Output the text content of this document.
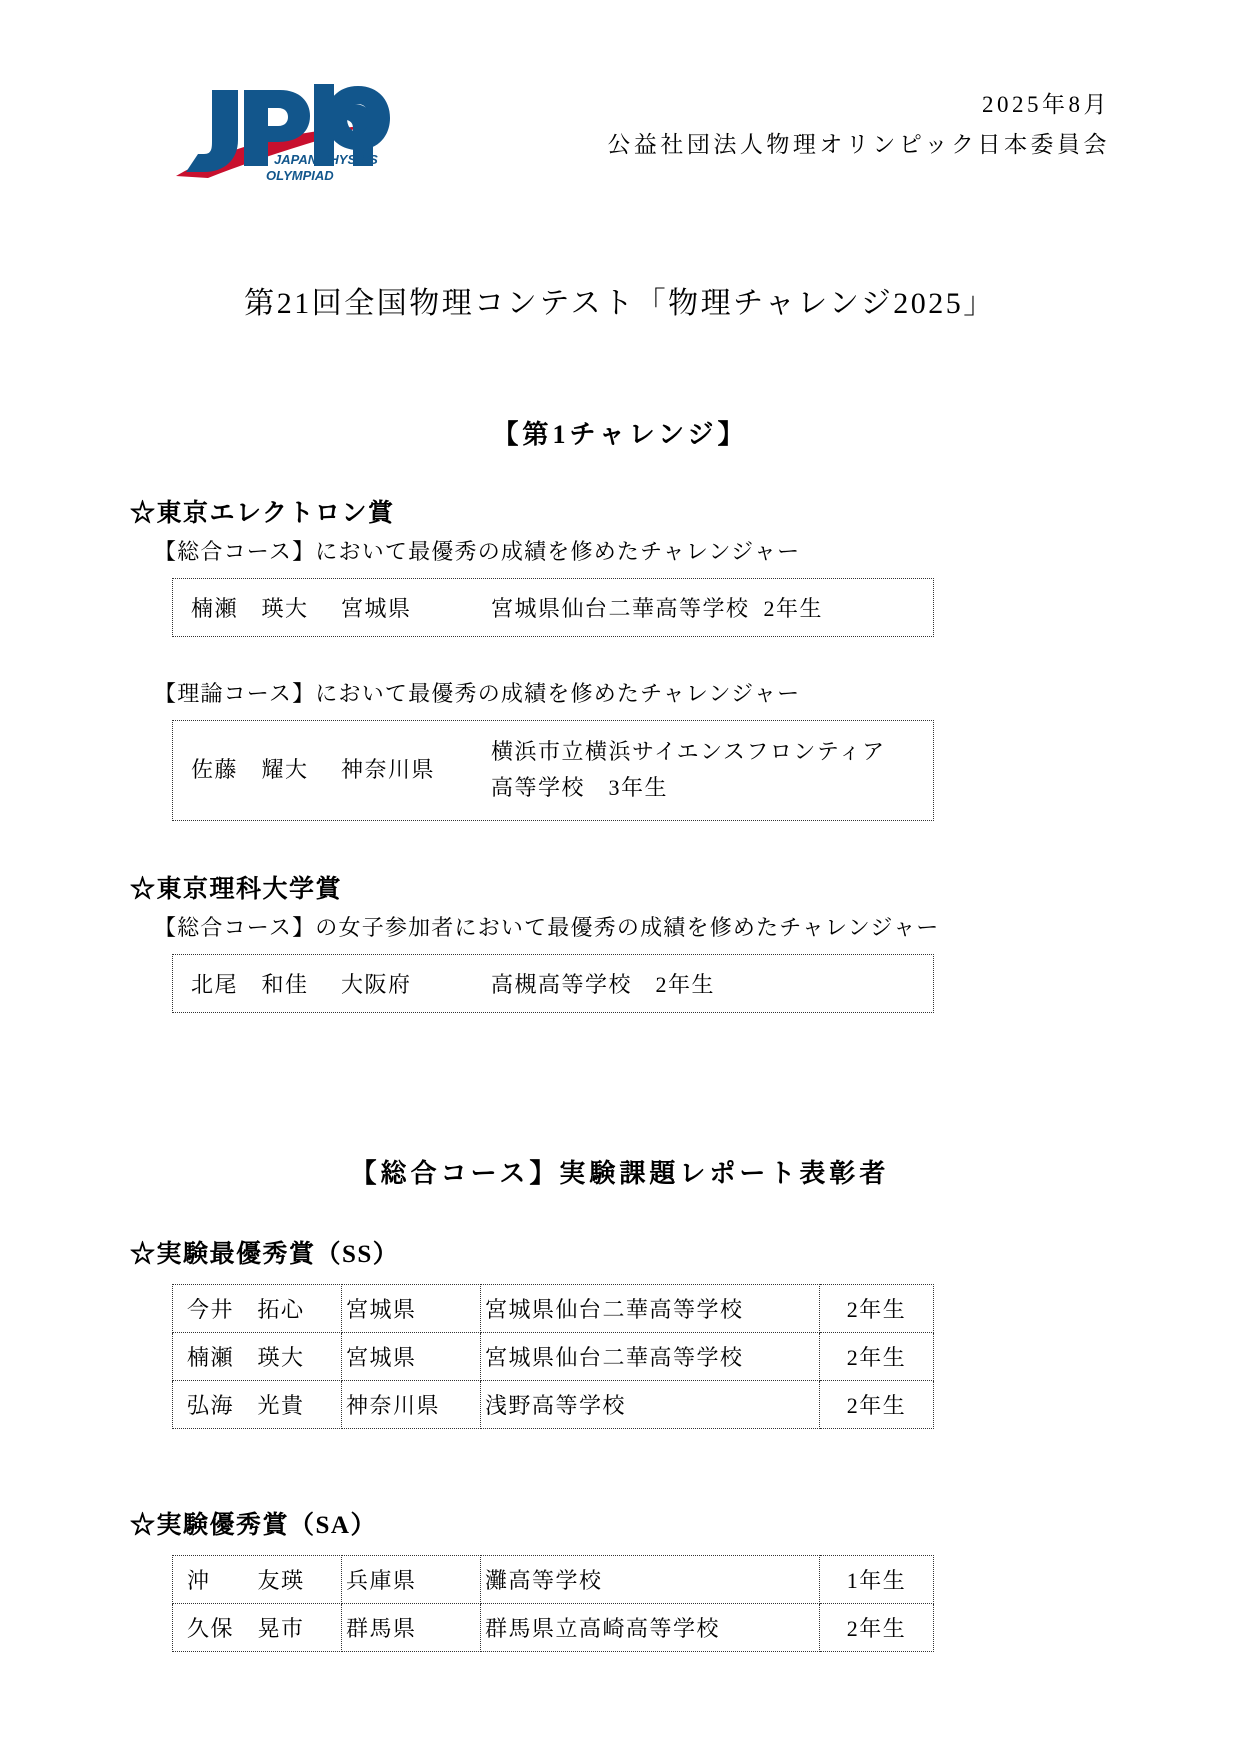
JAPAN PHYSICS
OLYMPIAD
2025年8月
公益社団法人物理オリンピック日本委員会
第21回全国物理コンテスト「物理チャレンジ2025」
【第1チャレンジ】
☆東京エレクトロン賞
【総合コース】において最優秀の成績を修めたチャレンジャー
楠瀬　瑛大	宮城県	宮城県仙台二華高等学校 2年生
【理論コース】において最優秀の成績を修めたチャレンジャー
佐藤　耀大	神奈川県
横浜市立横浜サイエンスフロンティア
高等学校　3年生
☆東京理科大学賞
【総合コース】の女子参加者において最優秀の成績を修めたチャレンジャー
北尾　和佳	大阪府	高槻高等学校　2年生
【総合コース】実験課題レポート表彰者
☆実験最優秀賞（SS）
今井　拓心	宮城県	宮城県仙台二華高等学校	2年生
楠瀬　瑛大	宮城県	宮城県仙台二華高等学校	2年生
弘海　光貴	神奈川県	浅野高等学校	2年生
☆実験優秀賞（SA）
沖　　友瑛	兵庫県	灘高等学校	1年生
久保　晃市	群馬県	群馬県立高崎高等学校	2年生
